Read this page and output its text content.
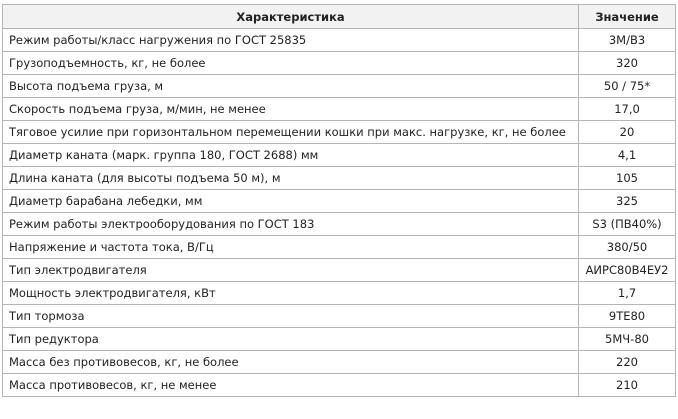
Характеристика	Значение
Режим работы/класс нагружения по ГОСТ 25835	3М/В3
Грузоподъемность, кг, не более	320
Высота подъема груза, м	50 / 75*
Скорость подъема груза, м/мин, не менее	17,0
Тяговое усилие при горизонтальном перемещении кошки при макс. нагрузке, кг, не более	20
Диаметр каната (марк. группа 180, ГОСТ 2688) мм	4,1
Длина каната (для высоты подъема 50 м), м	105
Диаметр барабана лебедки, мм	325
Режим работы электрооборудования по ГОСТ 183	S3 (ПВ40%)
Напряжение и частота тока, В/Гц	380/50
Тип электродвигателя	АИРС80В4ЕУ2
Мощность электродвигателя, кВт	1,7
Тип тормоза	9ТЕ80
Тип редуктора	5МЧ-80
Масса без противовесов, кг, не более	220
Масса противовесов, кг, не менее	210
